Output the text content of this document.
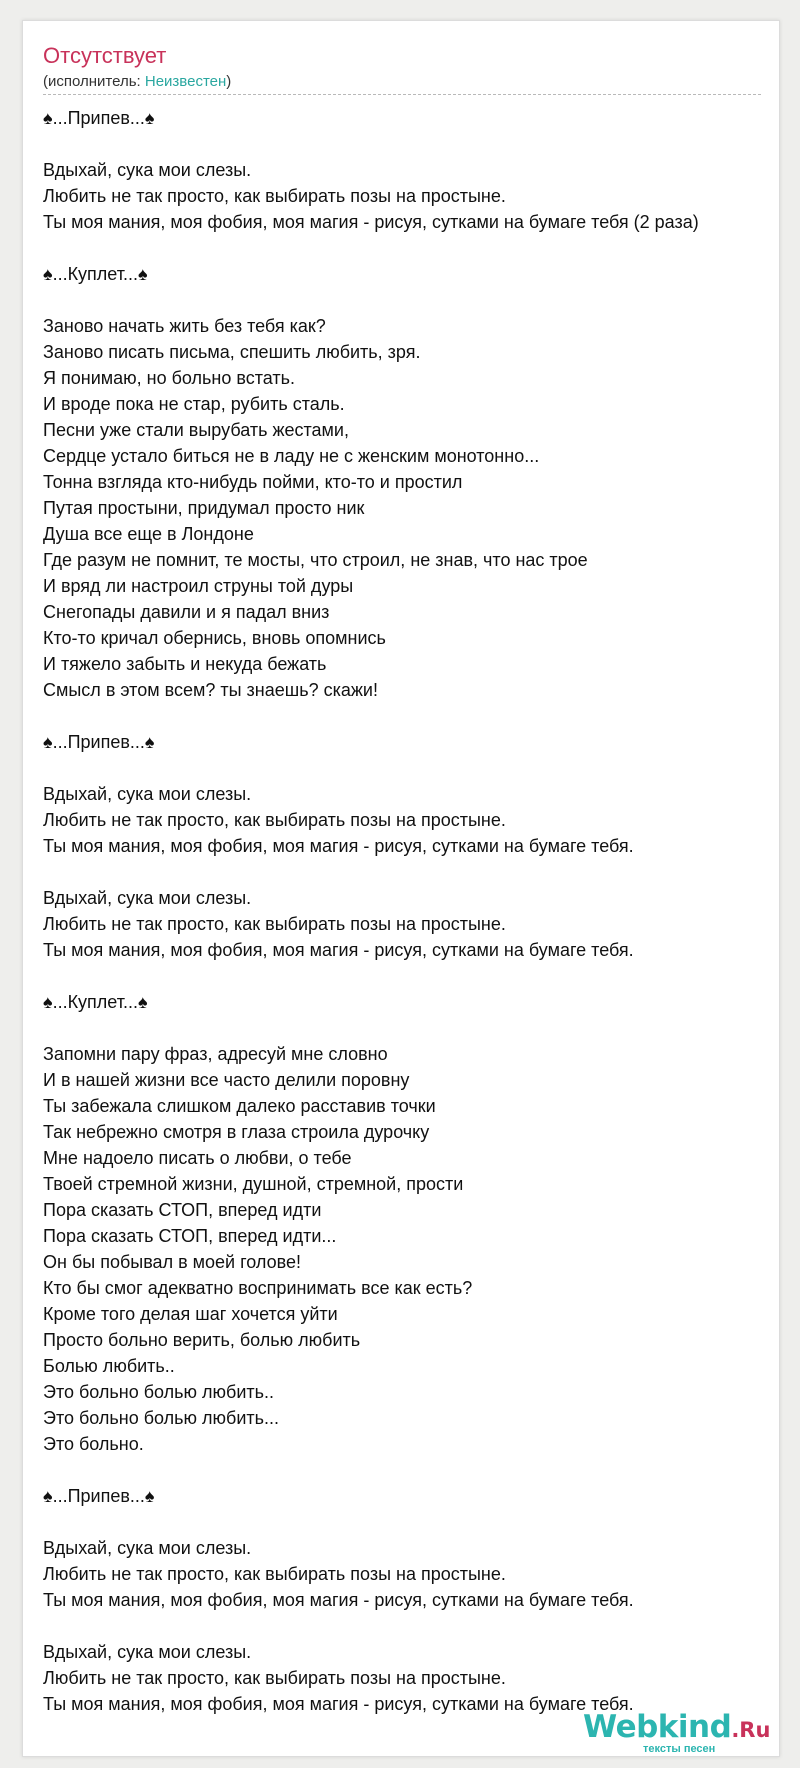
Отсутствует
(исполнитель: Неизвестен)
♠...Припев...♠
Вдыхай, сука мои слезы.
Любить не так просто, как выбирать позы на простыне.
Ты моя мания, моя фобия, моя магия - рисуя, сутками на бумаге тебя (2 раза)
♠...Куплет...♠
Заново начать жить без тебя как?
Заново писать письма, спешить любить, зря.
Я понимаю, но больно встать.
И вроде пока не стар, рубить сталь.
Песни уже стали вырубать жестами,
Сердце устало биться не в ладу не с женским монотонно...
Тонна взгляда кто-нибудь пойми, кто-то и простил
Путая простыни, придумал просто ник
Душа все еще в Лондоне
Где разум не помнит, те мосты, что строил, не знав, что нас трое
И вряд ли настроил струны той дуры
Снегопады давили и я падал вниз
Кто-то кричал обернись, вновь опомнись
И тяжело забыть и некуда бежать
Смысл в этом всем? ты знаешь? скажи!
♠...Припев...♠
Вдыхай, сука мои слезы.
Любить не так просто, как выбирать позы на простыне.
Ты моя мания, моя фобия, моя магия - рисуя, сутками на бумаге тебя.
Вдыхай, сука мои слезы.
Любить не так просто, как выбирать позы на простыне.
Ты моя мания, моя фобия, моя магия - рисуя, сутками на бумаге тебя.
♠...Куплет...♠
Запомни пару фраз, адресуй мне словно
И в нашей жизни все часто делили поровну
Ты забежала слишком далеко расставив точки
Так небрежно смотря в глаза строила дурочку
Мне надоело писать о любви, о тебе
Твоей стремной жизни, душной, стремной, прости
Пора сказать СТОП, вперед идти
Пора сказать СТОП, вперед идти...
Он бы побывал в моей голове!
Кто бы смог адекватно воспринимать все как есть?
Кроме того делая шаг хочется уйти
Просто больно верить, болью любить
Болью любить..
Это больно болью любить..
Это больно болью любить...
Это больно.
♠...Припев...♠
Вдыхай, сука мои слезы.
Любить не так просто, как выбирать позы на простыне.
Ты моя мания, моя фобия, моя магия - рисуя, сутками на бумаге тебя.
Вдыхай, сука мои слезы.
Любить не так просто, как выбирать позы на простыне.
Ты моя мания, моя фобия, моя магия - рисуя, сутками на бумаге тебя.
Webkind.Ru
тексты песен
